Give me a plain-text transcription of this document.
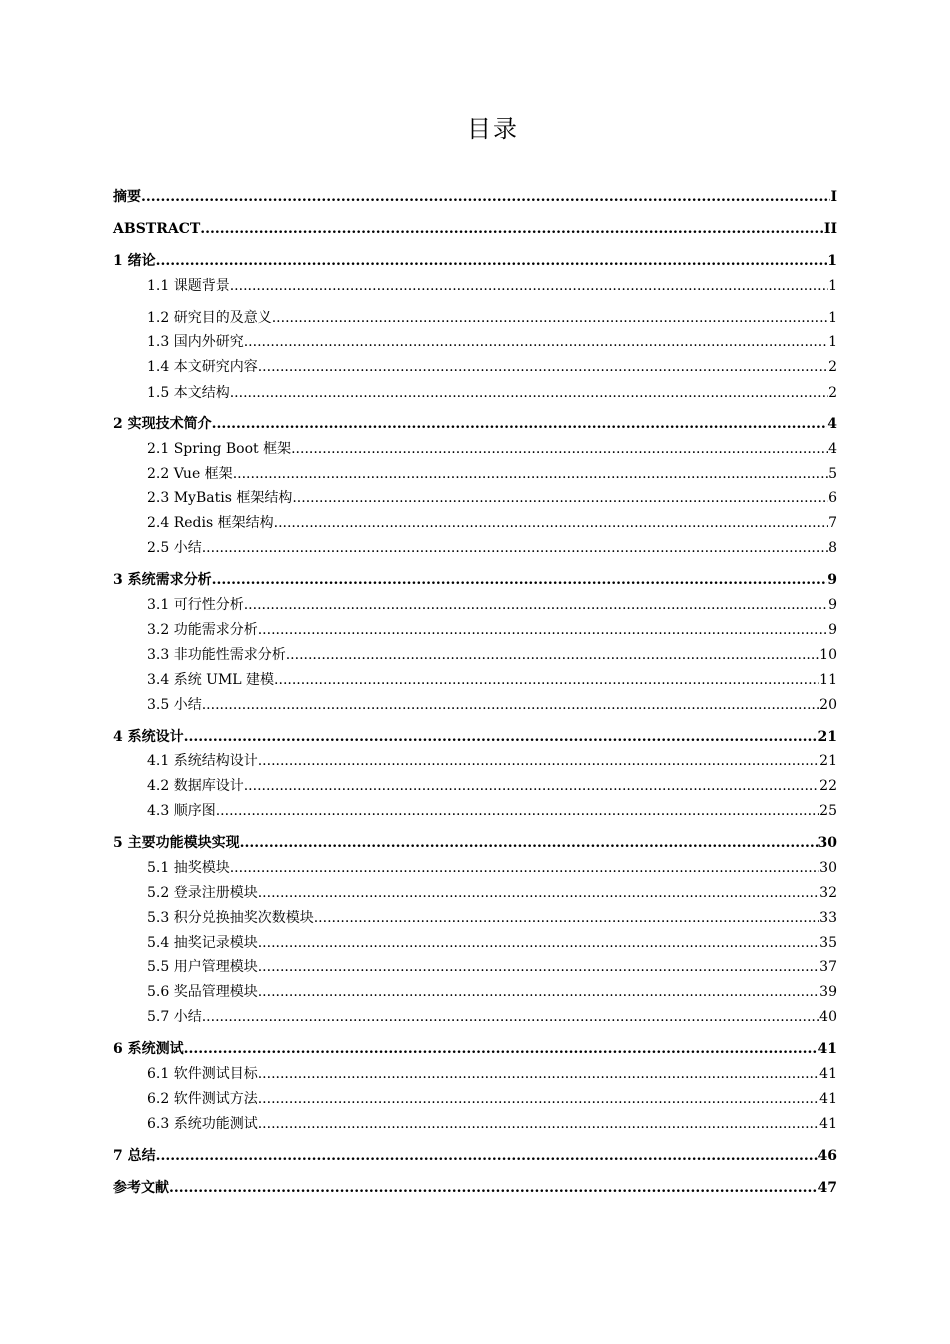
目录
摘要 .....	I
ABSTRACT .....	II
1 绪论 .....	1
1.1 课题背景 .....	1
1.2 研究目的及意义 .....	1
1.3 国内外研究 .....	1
1.4 本文研究内容 .....	2
1.5 本文结构 .....	2
2 实现技术简介 .....	4
2.1 Spring Boot 框架 .....	4
2.2 Vue 框架 .....	5
2.3 MyBatis 框架结构 .....	6
2.4 Redis 框架结构 .....	7
2.5 小结 .....	8
3 系统需求分析 .....	9
3.1 可行性分析 .....	9
3.2 功能需求分析 .....	9
3.3 非功能性需求分析 .....	10
3.4 系统 UML 建模 .....	11
3.5 小结 .....	20
4 系统设计 .....	21
4.1 系统结构设计 .....	21
4.2 数据库设计 .....	22
4.3 顺序图 .....	25
5 主要功能模块实现 .....	30
5.1 抽奖模块 .....	30
5.2 登录注册模块 .....	32
5.3 积分兑换抽奖次数模块 .....	33
5.4 抽奖记录模块 .....	35
5.5 用户管理模块 .....	37
5.6 奖品管理模块 .....	39
5.7 小结 .....	40
6 系统测试 .....	41
6.1 软件测试目标 .....	41
6.2 软件测试方法 .....	41
6.3 系统功能测试 .....	41
7 总结 .....	46
参考文献 .....	47
